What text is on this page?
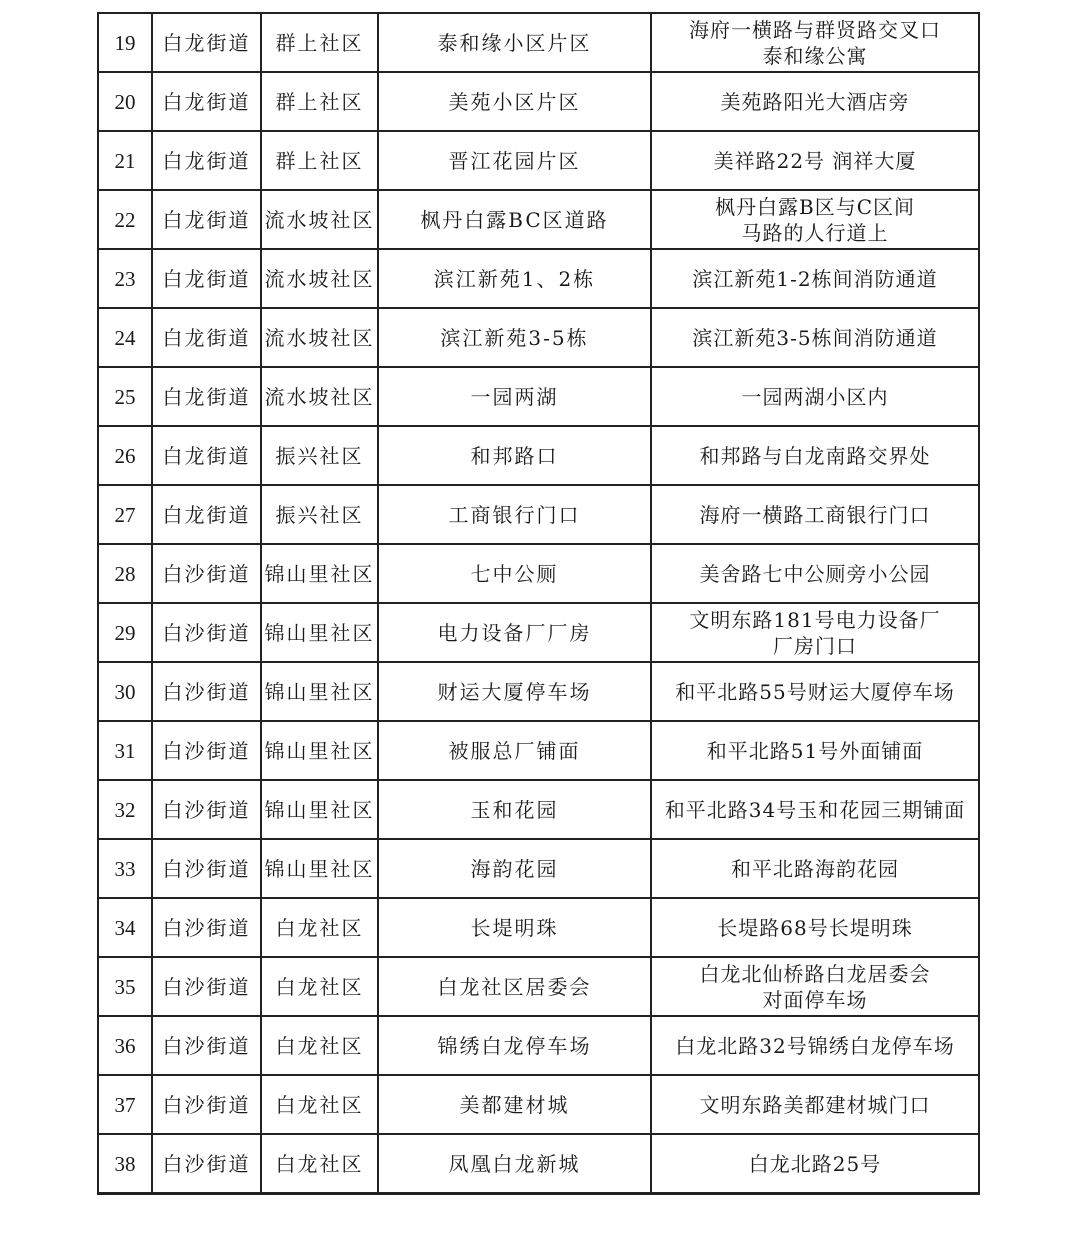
19	白龙街道	群上社区	泰和缘小区片区	海府一横路与群贤路交叉口
泰和缘公寓
20	白龙街道	群上社区	美苑小区片区	美苑路阳光大酒店旁
21	白龙街道	群上社区	晋江花园片区	美祥路22号 润祥大厦
22	白龙街道	流水坡社区	枫丹白露BC区道路	枫丹白露B区与C区间
马路的人行道上
23	白龙街道	流水坡社区	滨江新苑1、2栋	滨江新苑1-2栋间消防通道
24	白龙街道	流水坡社区	滨江新苑3-5栋	滨江新苑3-5栋间消防通道
25	白龙街道	流水坡社区	一园两湖	一园两湖小区内
26	白龙街道	振兴社区	和邦路口	和邦路与白龙南路交界处
27	白龙街道	振兴社区	工商银行门口	海府一横路工商银行门口
28	白沙街道	锦山里社区	七中公厕	美舍路七中公厕旁小公园
29	白沙街道	锦山里社区	电力设备厂厂房	文明东路181号电力设备厂
厂房门口
30	白沙街道	锦山里社区	财运大厦停车场	和平北路55号财运大厦停车场
31	白沙街道	锦山里社区	被服总厂铺面	和平北路51号外面铺面
32	白沙街道	锦山里社区	玉和花园	和平北路34号玉和花园三期铺面
33	白沙街道	锦山里社区	海韵花园	和平北路海韵花园
34	白沙街道	白龙社区	长堤明珠	长堤路68号长堤明珠
35	白沙街道	白龙社区	白龙社区居委会	白龙北仙桥路白龙居委会
对面停车场
36	白沙街道	白龙社区	锦绣白龙停车场	白龙北路32号锦绣白龙停车场
37	白沙街道	白龙社区	美都建材城	文明东路美都建材城门口
38	白沙街道	白龙社区	凤凰白龙新城	白龙北路25号
